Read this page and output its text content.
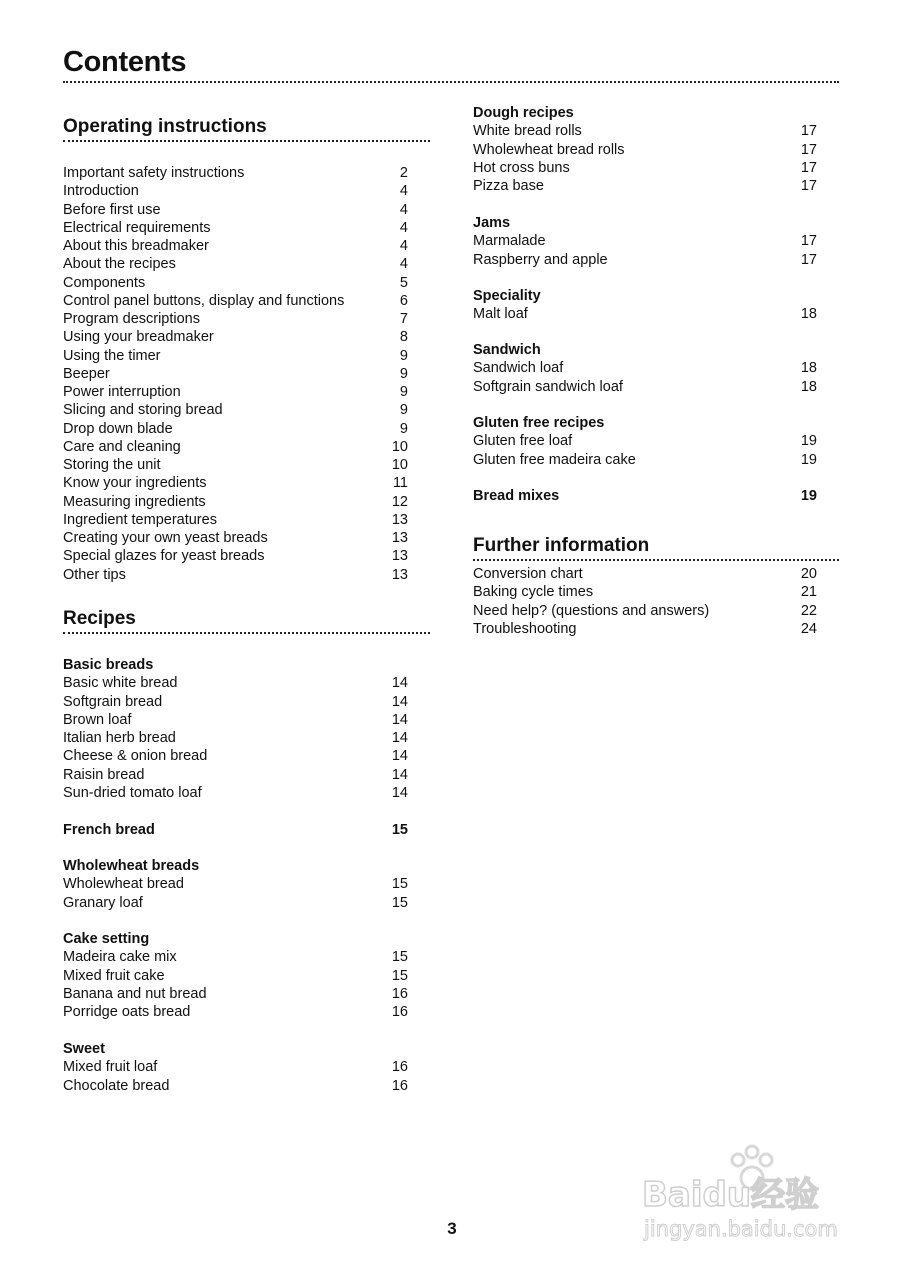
Contents
Operating instructions
Important safety instructions	2
Introduction	4
Before first use	4
Electrical requirements	4
About this breadmaker	4
About the recipes	4
Components	5
Control panel buttons, display and functions	6
Program descriptions	7
Using your breadmaker	8
Using the timer	9
Beeper	9
Power interruption	9
Slicing and storing bread	9
Drop down blade	9
Care and cleaning	10
Storing the unit	10
Know your ingredients	11
Measuring ingredients	12
Ingredient temperatures	13
Creating your own yeast breads	13
Special glazes for yeast breads	13
Other tips	13
Recipes
Basic breads
Basic white bread	14
Softgrain bread	14
Brown loaf	14
Italian herb bread	14
Cheese & onion bread	14
Raisin bread	14
Sun-dried tomato loaf	14
French bread	15
Wholewheat breads
Wholewheat bread	15
Granary loaf	15
Cake setting
Madeira cake mix	15
Mixed fruit cake	15
Banana and nut bread	16
Porridge oats bread	16
Sweet
Mixed fruit loaf	16
Chocolate bread	16
Dough recipes
White bread rolls	17
Wholewheat bread rolls	17
Hot cross buns	17
Pizza base	17
Jams
Marmalade	17
Raspberry and apple	17
Speciality
Malt loaf	18
Sandwich
Sandwich loaf	18
Softgrain sandwich loaf	18
Gluten free recipes
Gluten free loaf	19
Gluten free madeira cake	19
Bread mixes	19
Further information
Conversion chart	20
Baking cycle times	21
Need help? (questions and answers)	22
Troubleshooting	24
3
Baidu经验
jingyan.baidu.com
